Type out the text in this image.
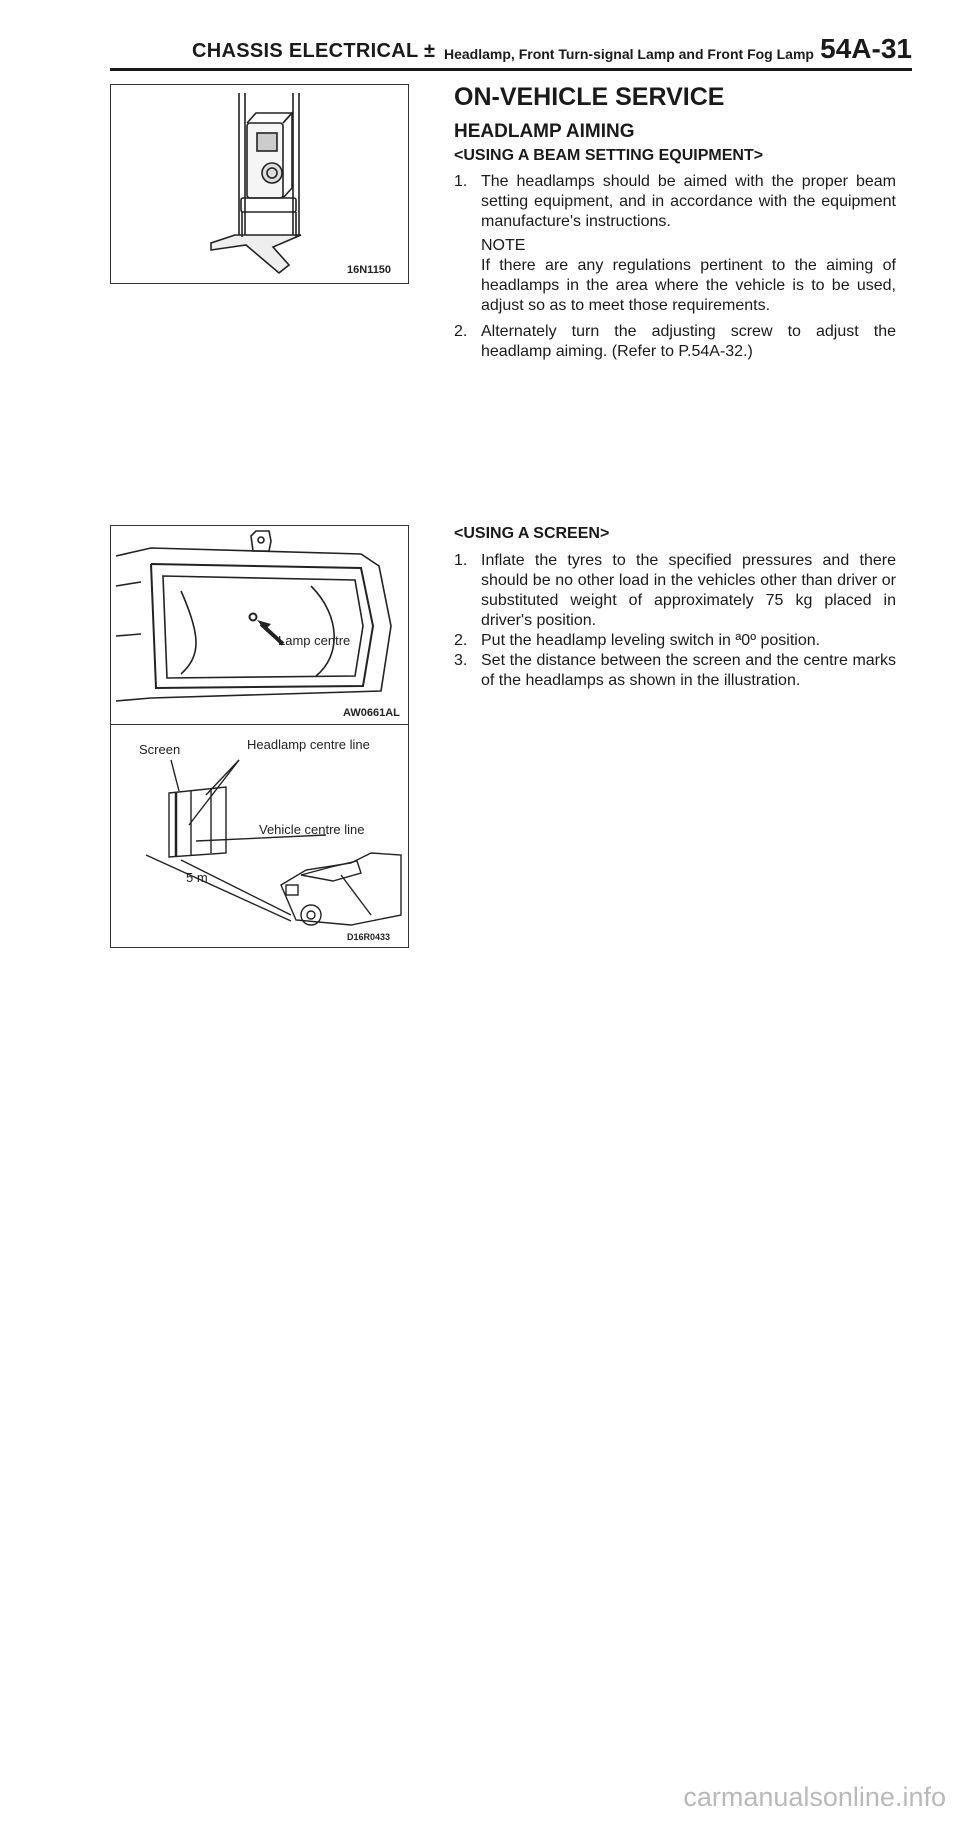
CHASSIS ELECTRICAL ± Headlamp, Front Turn-signal Lamp and Front Fog Lamp 54A-31
16N1150
Lamp centre
AW0661AL
Screen	Headlamp centre line
Vehicle centre line
5 m
D16R0433
ON-VEHICLE SERVICE
HEADLAMP AIMING
<USING A BEAM SETTING EQUIPMENT>
1. The headlamps should be aimed with the proper beam setting equipment, and in accordance with the equipment manufacture's instructions.
NOTE
If there are any regulations pertinent to the aiming of headlamps in the area where the vehicle is to be used, adjust so as to meet those requirements.
2. Alternately turn the adjusting screw to adjust the headlamp aiming. (Refer to P.54A-32.)
<USING A SCREEN>
1. Inflate the tyres to the specified pressures and there should be no other load in the vehicles other than driver or substituted weight of approximately 75 kg placed in driver's position.
2. Put the headlamp leveling switch in ª0º position.
3. Set the distance between the screen and the centre marks of the headlamps as shown in the illustration.
carmanualsonline.info
